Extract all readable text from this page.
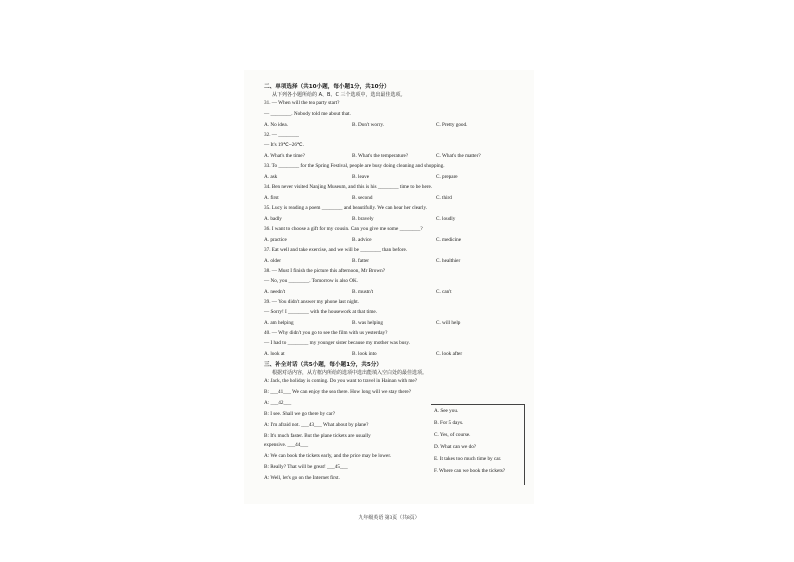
二、单项选择（共10小题，每小题1分，共10分）
从下列各小题所给的 A、B、C 三个选项中，选出最佳选项。
31. — When will the tea party start?
— ________. Nobody told me about that.
A. No idea.	B. Don't worry.	C. Pretty good.
32. — ________
— It's 19℃~26℃.
A. What's the time?	B. What's the temperature?	C. What's the matter?
33. To ________ for the Spring Festival, people are busy doing cleaning and shopping.
A. ask	B. leave	C. prepare
34. Ben never visited Nanjing Museum, and this is his ________ time to be here.
A. first	B. second	C. third
35. Lucy is reading a poem ________ and beautifully. We can hear her clearly.
A. badly	B. bravely	C. loudly
36. I want to choose a gift for my cousin. Can you give me some ________?
A. practice	B. advice	C. medicine
37. Eat well and take exercise, and we will be ________ than before.
A. older	B. fatter	C. healthier
38. — Must I finish the picture this afternoon, Mr Brown?
— No, you ________. Tomorrow is also OK.
A. needn't	B. mustn't	C. can't
39. — You didn't answer my phone last night.
— Sorry! I ________ with the housework at that time.
A. am helping	B. was helping	C. will help
40. — Why didn't you go to see the film with us yesterday?
— I had to ________ my younger sister because my mother was busy.
A. look at	B. look into	C. look after
三、补全对话（共5小题，每小题1分，共5分）
根据对话内容，从方框内所给的选项中选出能填入空白处的最佳选项。
A: Jack, the holiday is coming. Do you want to travel in Hainan with me?
B: ___41___ We can enjoy the sea there. How long will we stay there?
A: ___42___
B: I see. Shall we go there by car?
A: I'm afraid not. ___43___ What about by plane?
B: It's much faster. But the plane tickets are usually
expensive. ___44___
A: We can book the tickets early, and the price may be lower.
B: Really? That will be great! ___45___
A: Well, let's go on the Internet first.
A. See you.
B. For 5 days.
C. Yes, of course.
D. What can we do?
E. It takes too much time by car.
F. Where can we book the tickets?
九年级英语 第3页（共8页）
